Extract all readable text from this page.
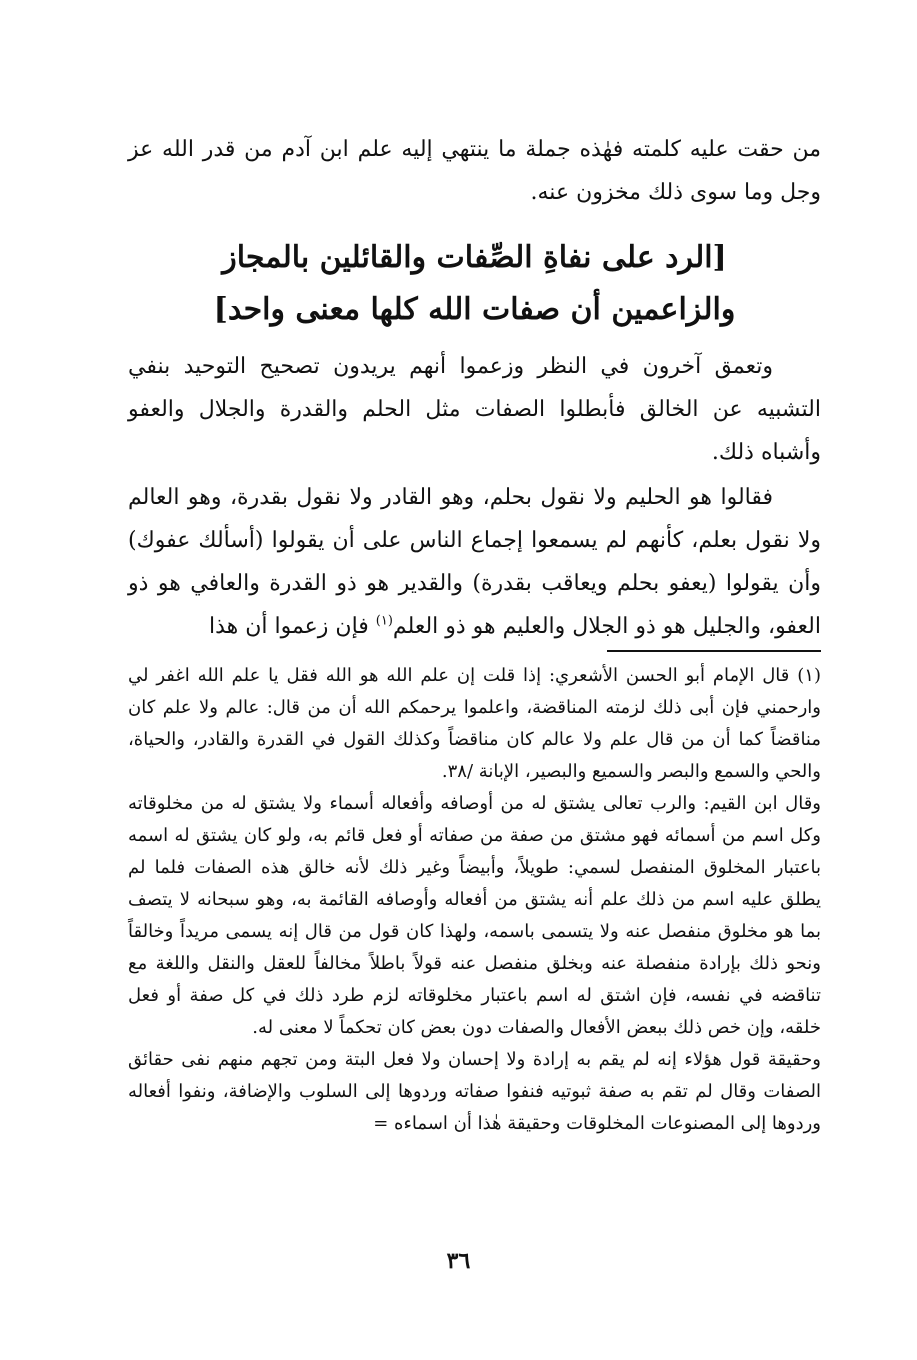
من حقت عليه كلمته فهٰذه جملة ما ينتهي إليه علم ابن آدم من قدر الله عز وجل وما سوى ذلك مخزون عنه.

[الرد على نفاةِ الصِّفات والقائلين بالمجاز
والزاعمين أن صفات الله كلها معنى واحد]

وتعمق آخرون في النظر وزعموا أنهم يريدون تصحيح التوحيد بنفي التشبيه عن الخالق فأبطلوا الصفات مثل الحلم والقدرة والجلال والعفو وأشباه ذلك.

فقالوا هو الحليم ولا نقول بحلم، وهو القادر ولا نقول بقدرة، وهو العالم ولا نقول بعلم، كأنهم لم يسمعوا إجماع الناس على أن يقولوا (أسألك عفوك) وأن يقولوا (يعفو بحلم ويعاقب بقدرة) والقدير هو ذو القدرة والعافي هو ذو العفو، والجليل هو ذو الجلال والعليم هو ذو العلم$^{(١)}$ فإن زعموا أن هذا

(١) قال الإمام أبو الحسن الأشعري: إذا قلت إن علم الله هو الله فقل يا علم الله اغفر لي وارحمني فإن أبى ذلك لزمته المناقضة، واعلموا يرحمكم الله أن من قال: عالم ولا علم كان مناقضاً كما أن من قال علم ولا عالم كان مناقضاً وكذلك القول في القدرة والقادر، والحياة، والحي والسمع والبصر والسميع والبصير، الإبانة /٣٨.

وقال ابن القيم: والرب تعالى يشتق له من أوصافه وأفعاله أسماء ولا يشتق له من مخلوقاته وكل اسم من أسمائه فهو مشتق من صفة من صفاته أو فعل قائم به، ولو كان يشتق له اسمه باعتبار المخلوق المنفصل لسمي: طويلاً، وأبيضاً وغير ذلك لأنه خالق هذه الصفات فلما لم يطلق عليه اسم من ذلك علم أنه يشتق من أفعاله وأوصافه القائمة به، وهو سبحانه لا يتصف بما هو مخلوق منفصل عنه ولا يتسمى باسمه، ولهذا كان قول من قال إنه يسمى مريداً وخالقاً ونحو ذلك بإرادة منفصلة عنه وبخلق منفصل عنه قولاً باطلاً مخالفاً للعقل والنقل واللغة مع تناقضه في نفسه، فإن اشتق له اسم باعتبار مخلوقاته لزم طرد ذلك في كل صفة أو فعل خلقه، وإن خص ذلك ببعض الأفعال والصفات دون بعض كان تحكماً لا معنى له.

وحقيقة قول هؤلاء إنه لم يقم به إرادة ولا إحسان ولا فعل البتة ومن تجهم منهم نفى حقائق الصفات وقال لم تقم به صفة ثبوتيه فنفوا صفاته وردوها إلى السلوب والإضافة، ونفوا أفعاله وردوها إلى المصنوعات المخلوقات وحقيقة هٰذا أن اسماءه =

٣٦
